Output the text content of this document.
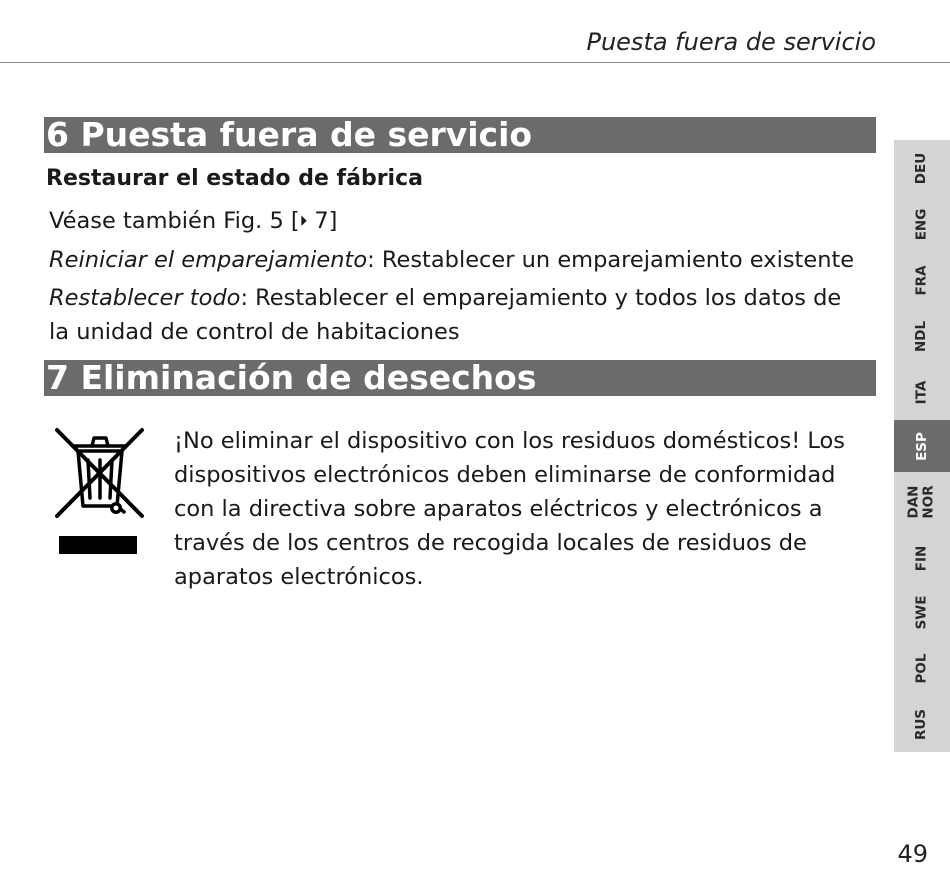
Puesta fuera de servicio
6 Puesta fuera de servicio
Restaurar el estado de fábrica
Véase también Fig. 5 [⏵ 7]
Reiniciar el emparejamiento: Restablecer un emparejamiento existente
Restablecer todo: Restablecer el emparejamiento y todos los datos de
la unidad de control de habitaciones
7 Eliminación de desechos
¡No eliminar el dispositivo con los residuos domésticos! Los dispositivos electrónicos deben eliminarse de conformidad con la directiva sobre aparatos eléctricos y electrónicos a través de los centros de recogida locales de residuos de aparatos electrónicos.
DEU
ENG
FRA
NDL
ITA
ESP
DAN
NOR
FIN
SWE
POL
RUS
49
